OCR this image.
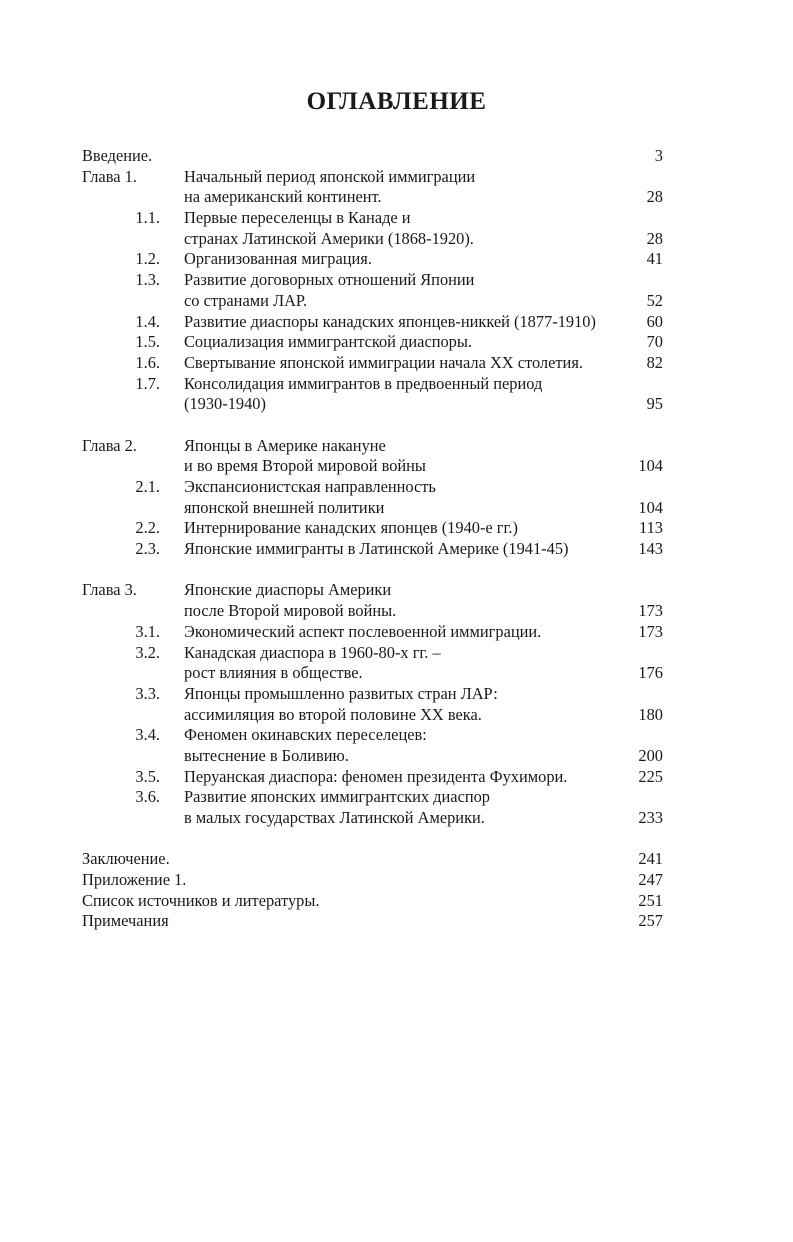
ОГЛАВЛЕНИЕ
Введение.	3
Глава 1.	Начальный период японской иммиграции
на американский континент.	28
1.1. Первые переселенцы в Канаде и
странах Латинской Америки (1868-1920).	28
1.2. Организованная миграция.	41
1.3. Развитие договорных отношений Японии
со странами ЛАР.	52
1.4. Развитие диаспоры канадских японцев-никкей (1877-1910)	60
1.5. Социализация иммигрантской диаспоры.	70
1.6. Свертывание японской иммиграции начала XX столетия.	82
1.7. Консолидация иммигрантов в предвоенный период
(1930-1940)	95
Глава 2.	Японцы в Америке накануне
и во время Второй мировой войны	104
2.1. Экспансионистская направленность
японской внешней политики	104
2.2. Интернирование канадских японцев (1940-е гг.)	113
2.3. Японские иммигранты в Латинской Америке (1941-45)	143
Глава 3.	Японские диаспоры Америки
после Второй мировой войны.	173
3.1. Экономический аспект послевоенной иммиграции.	173
3.2. Канадская диаспора в 1960-80-х гг. –
рост влияния в обществе.	176
3.3. Японцы промышленно развитых стран ЛАР:
ассимиляция во второй половине XX века.	180
3.4. Феномен окинавских переселецев:
вытеснение в Боливию.	200
3.5. Перуанская диаспора: феномен президента Фухимори.	225
3.6. Развитие японских иммигрантских диаспор
в малых государствах Латинской Америки.	233
Заключение.	241
Приложение 1.	247
Список источников и литературы.	251
Примечания	257
